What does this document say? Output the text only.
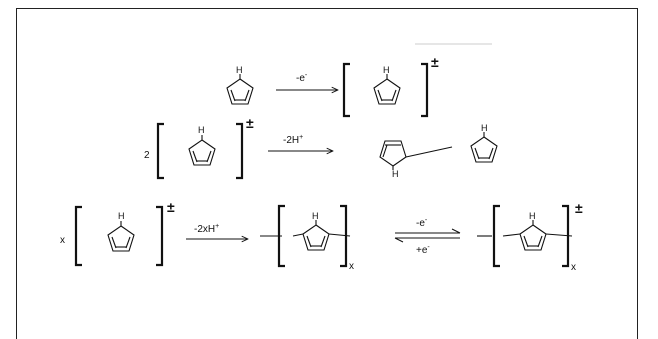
H
-e-
H	±
2
H	±
-2H+
H
H
x
H
±
-2xH+
H
x
-e-
+e-
H
x
±
